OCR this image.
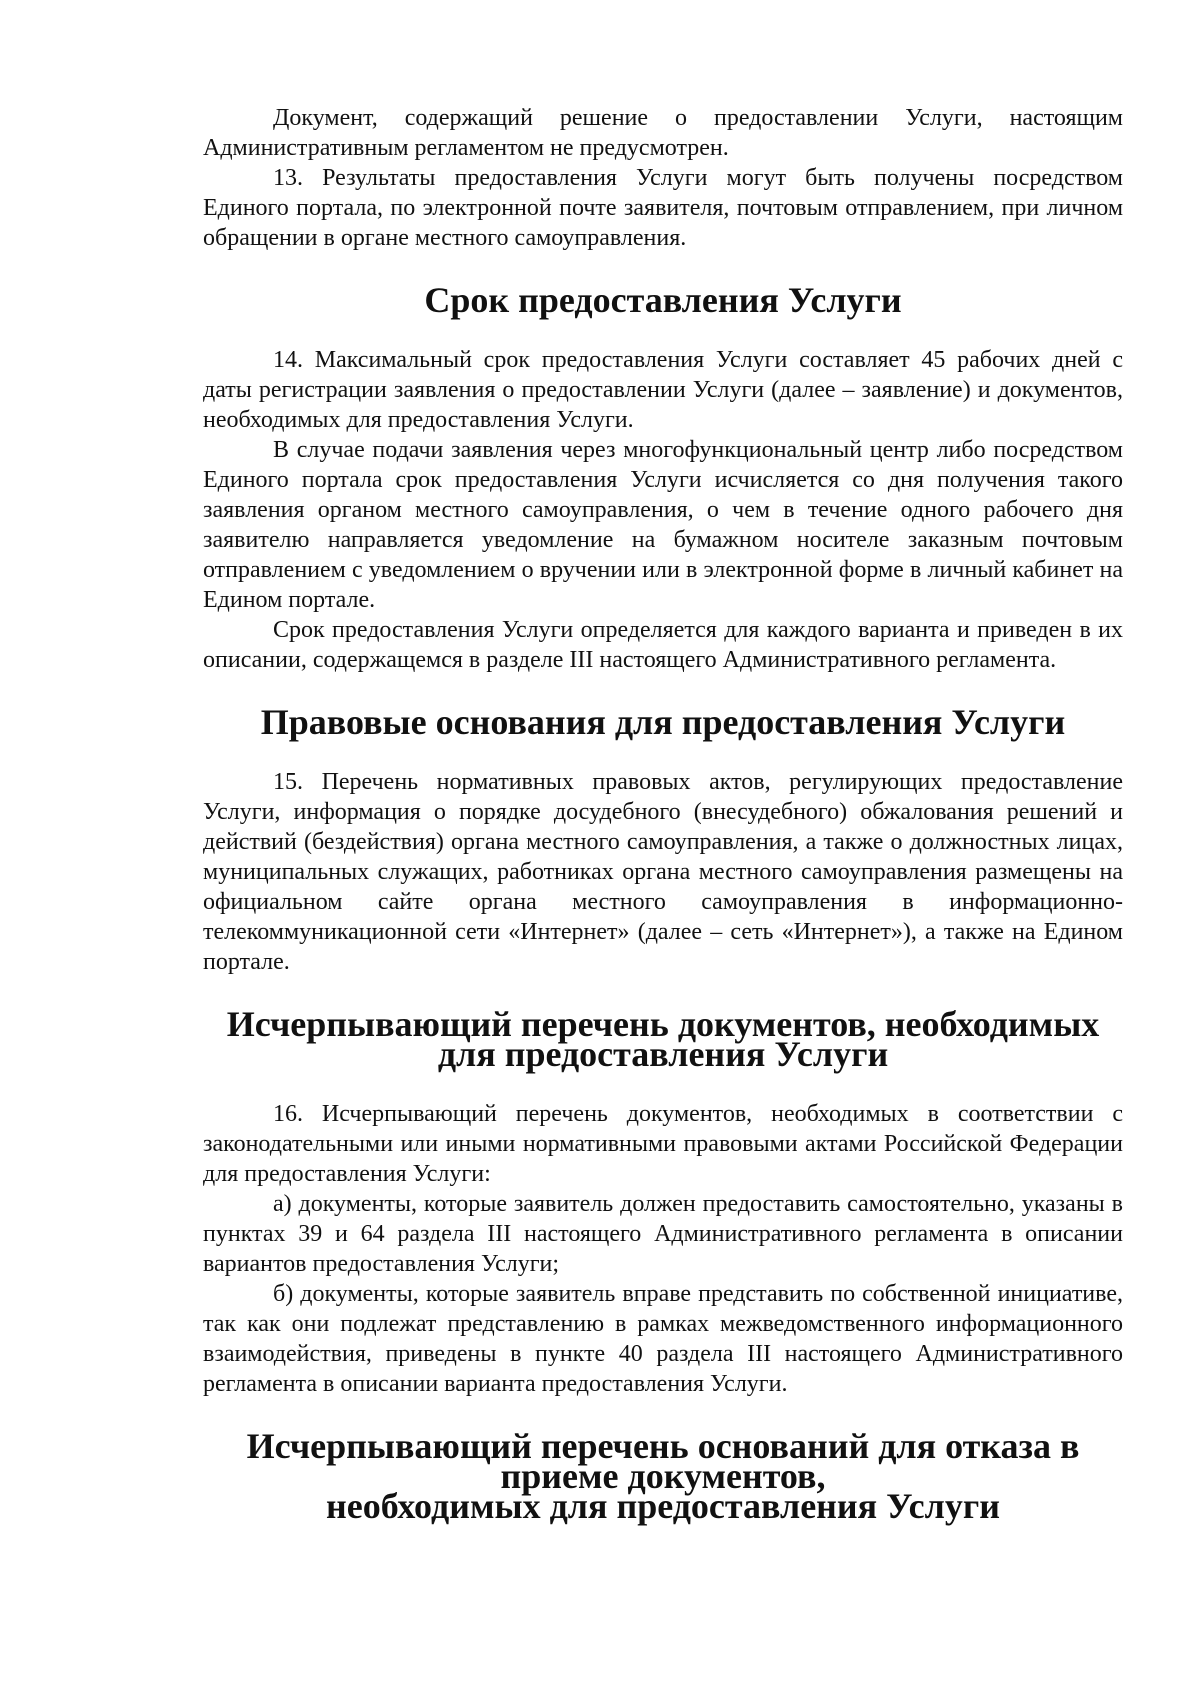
Документ, содержащий решение о предоставлении Услуги, настоящим Административным регламентом не предусмотрен.

13. Результаты предоставления Услуги могут быть получены посредством Единого портала, по электронной почте заявителя, почтовым отправлением, при личном обращении в органе местного самоуправления.

Срок предоставления Услуги

14. Максимальный срок предоставления Услуги составляет 45 рабочих дней с даты регистрации заявления о предоставлении Услуги (далее – заявление) и документов, необходимых для предоставления Услуги.

В случае подачи заявления через многофункциональный центр либо посредством Единого портала срок предоставления Услуги исчисляется со дня получения такого заявления органом местного самоуправления, о чем в течение одного рабочего дня заявителю направляется уведомление на бумажном носителе заказным почтовым отправлением с уведомлением о вручении или в электронной форме в личный кабинет на Едином портале.

Срок предоставления Услуги определяется для каждого варианта и приведен в их описании, содержащемся в разделе III настоящего Административного регламента.

Правовые основания для предоставления Услуги

15. Перечень нормативных правовых актов, регулирующих предоставление Услуги, информация о порядке досудебного (внесудебного) обжалования решений и действий (бездействия) органа местного самоуправления, а также о должностных лицах, муниципальных служащих, работниках органа местного самоуправления размещены на официальном сайте органа местного самоуправления в информационно-телекоммуникационной сети «Интернет» (далее – сеть «Интернет»), а также на Едином портале.

Исчерпывающий перечень документов, необходимых
для предоставления Услуги

16. Исчерпывающий перечень документов, необходимых в соответствии с законодательными или иными нормативными правовыми актами Российской Федерации для предоставления Услуги:

а) документы, которые заявитель должен предоставить самостоятельно, указаны в пунктах 39 и 64 раздела III настоящего Административного регламента в описании вариантов предоставления Услуги;

б) документы, которые заявитель вправе представить по собственной инициативе, так как они подлежат представлению в рамках межведомственного информационного взаимодействия, приведены в пункте 40 раздела III настоящего Административного регламента в описании варианта предоставления Услуги.

Исчерпывающий перечень оснований для отказа в приеме документов,
необходимых для предоставления Услуги
